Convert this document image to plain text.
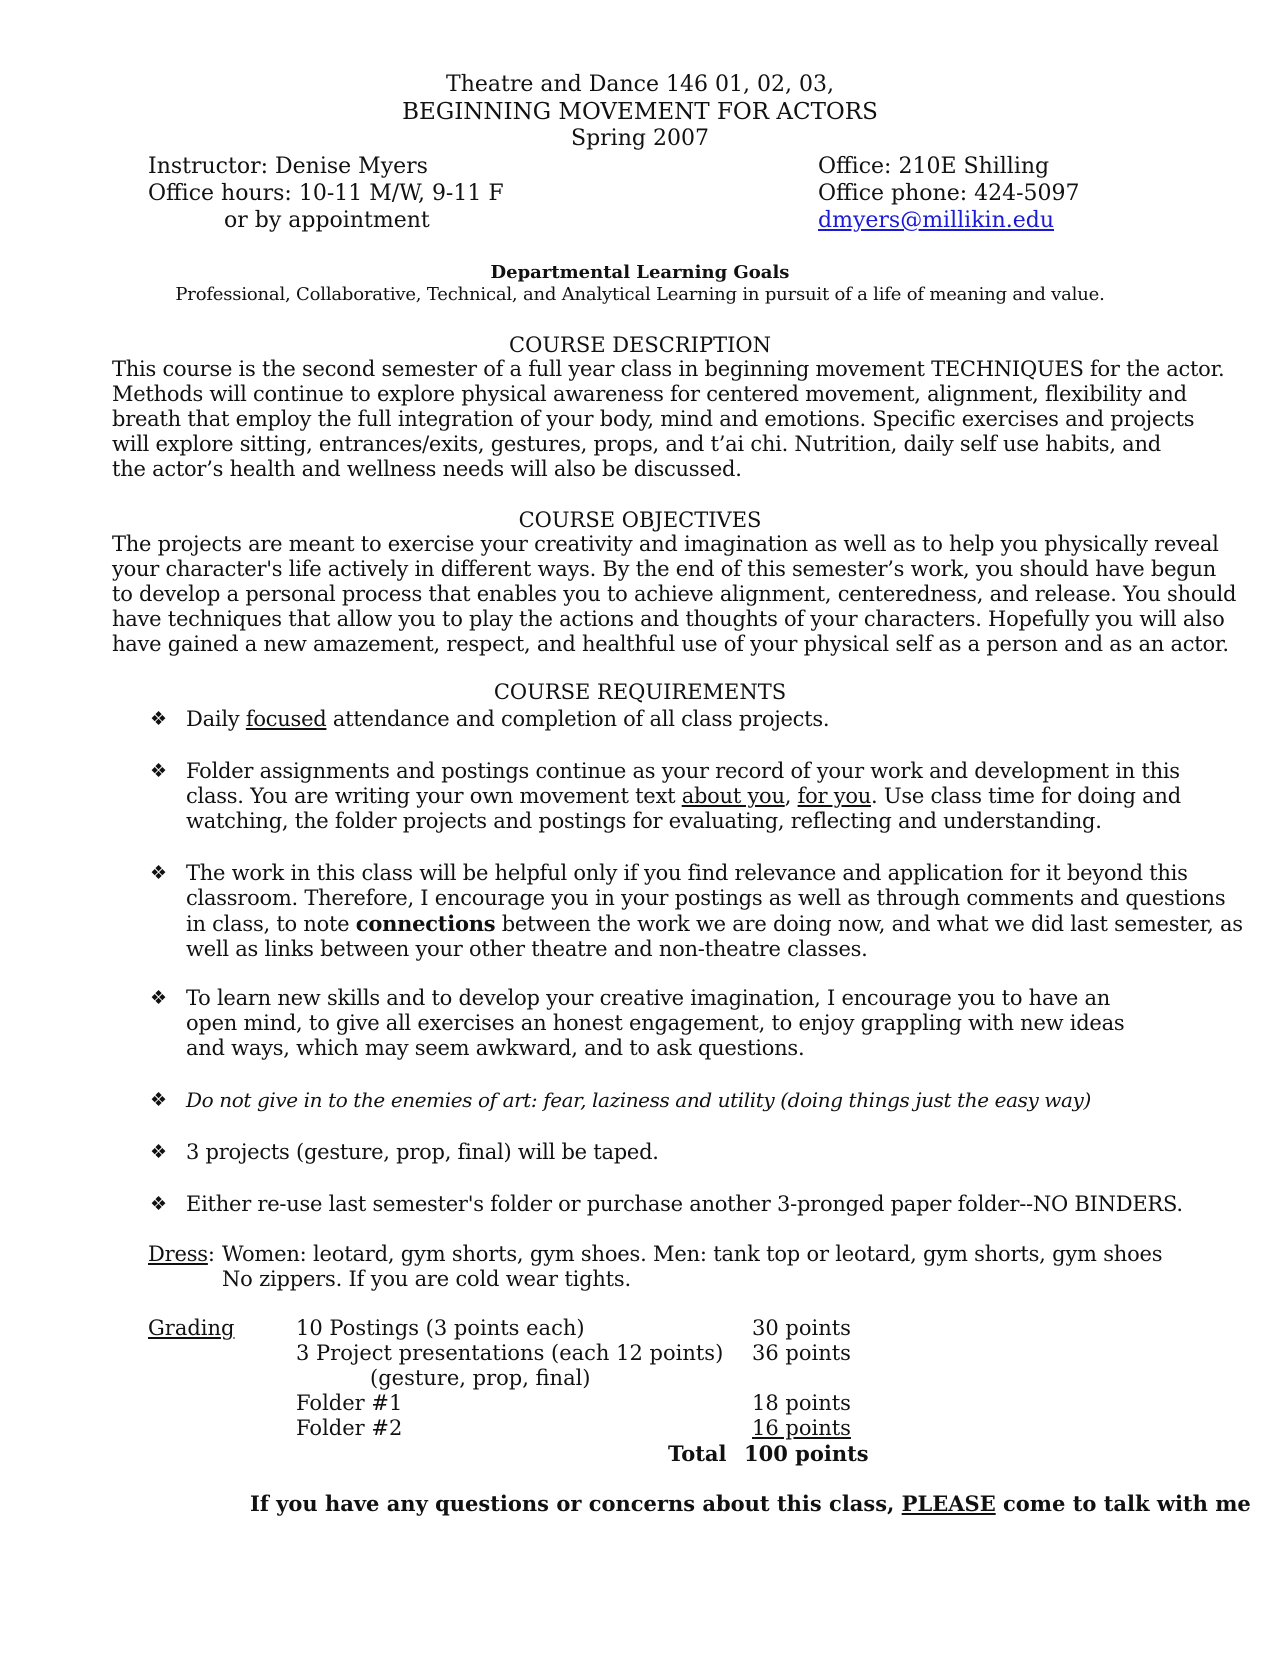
Theatre and Dance 146 01, 02, 03,
BEGINNING MOVEMENT FOR ACTORS
Spring 2007
Instructor: Denise Myers
Office hours: 10-11 M/W, 9-11 F
or by appointment
Office: 210E Shilling
Office phone: 424-5097
dmyers@millikin.edu
Departmental Learning Goals
Professional, Collaborative, Technical, and Analytical Learning in pursuit of a life of meaning and value.
COURSE DESCRIPTION
This course is the second semester of a full year class in beginning movement TECHNIQUES for the actor.
Methods will continue to explore physical awareness for centered movement, alignment, flexibility and
breath that employ the full integration of your body, mind and emotions. Specific exercises and projects
will explore sitting, entrances/exits, gestures, props, and t’ai chi. Nutrition, daily self use habits, and
the actor’s health and wellness needs will also be discussed.
COURSE OBJECTIVES
The projects are meant to exercise your creativity and imagination as well as to help you physically reveal
your character's life actively in different ways. By the end of this semester’s work, you should have begun
to develop a personal process that enables you to achieve alignment, centeredness, and release. You should
have techniques that allow you to play the actions and thoughts of your characters. Hopefully you will also
have gained a new amazement, respect, and healthful use of your physical self as a person and as an actor.
COURSE REQUIREMENTS
❖ Daily focused attendance and completion of all class projects.
❖ Folder assignments and postings continue as your record of your work and development in this
class. You are writing your own movement text about you, for you. Use class time for doing and
watching, the folder projects and postings for evaluating, reflecting and understanding.
❖ The work in this class will be helpful only if you find relevance and application for it beyond this
classroom. Therefore, I encourage you in your postings as well as through comments and questions
in class, to note connections between the work we are doing now, and what we did last semester, as
well as links between your other theatre and non-theatre classes.
❖ To learn new skills and to develop your creative imagination, I encourage you to have an
open mind, to give all exercises an honest engagement, to enjoy grappling with new ideas
and ways, which may seem awkward, and to ask questions.
❖ Do not give in to the enemies of art: fear, laziness and utility (doing things just the easy way)
❖ 3 projects (gesture, prop, final) will be taped.
❖ Either re-use last semester's folder or purchase another 3-pronged paper folder--NO BINDERS.
Dress: Women: leotard, gym shorts, gym shoes. Men: tank top or leotard, gym shorts, gym shoes
No zippers. If you are cold wear tights.
Grading	10 Postings (3 points each)	30 points
3 Project presentations (each 12 points) 36 points
(gesture, prop, final)
Folder #1	18 points
Folder #2	16 points
Total 100 points
If you have any questions or concerns about this class, PLEASE come to talk with me
